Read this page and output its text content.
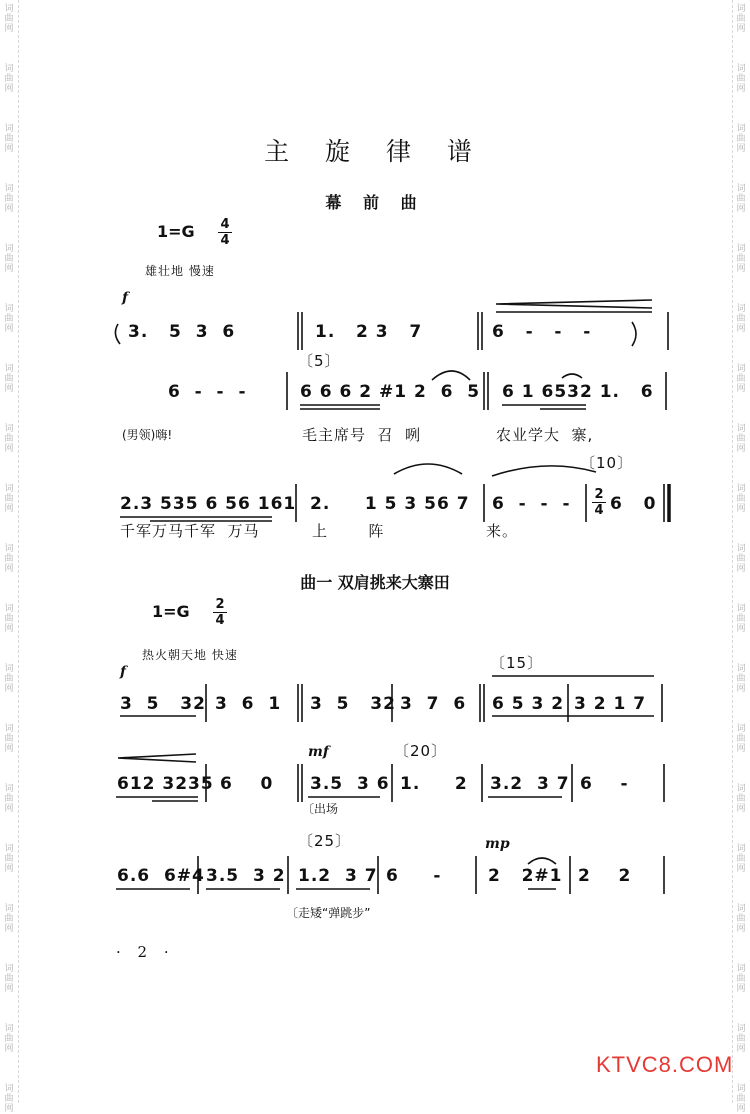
词曲网
词曲网
词曲网
词曲网
词曲网
词曲网
词曲网
词曲网
词曲网
词曲网
词曲网
词曲网
词曲网
词曲网
词曲网
词曲网
词曲网
词曲网
词曲网
词曲网
词曲网
词曲网
词曲网
词曲网
词曲网
词曲网
词曲网
词曲网
词曲网
词曲网
词曲网
词曲网
词曲网
词曲网
词曲网
词曲网
词曲网
词曲网
主 旋 律 谱
幕 前 曲
1=G 4
4
雄壮地 慢速
f
3.   5  3  6	1.   2 3   7	6   -   -   -
〔5〕
6  -  -  -	6 6 6 2 #1 2  6  5 6 1 6532 1.   6
(男领)嗨!	毛主席号  召  咧	农业学大  寨,
〔10〕
2.3 535 6 56 161 2.     1 5 3 56 7 6  -  -  - 2
4 6   0
千军万马千军  万马	上       阵	来。
曲一 双肩挑来大寨田
1=G 2
4
热火朝天地 快速
f	〔15〕
3  5   32 3  6  1 3  5   32 3  7  6 6 5 3 2 3 2 1 7
mf	〔20〕
612 3235 6    0 3.5  3 6 1.     2 3.2  3 7 6    -
〔出场
〔25〕	mp
6.6  6#4 3.5  3 2 1.2  3 7 6     -	2   2#1 2    2
〔走矮“弹跳步”
· 2 ·
KTVC8.COM
